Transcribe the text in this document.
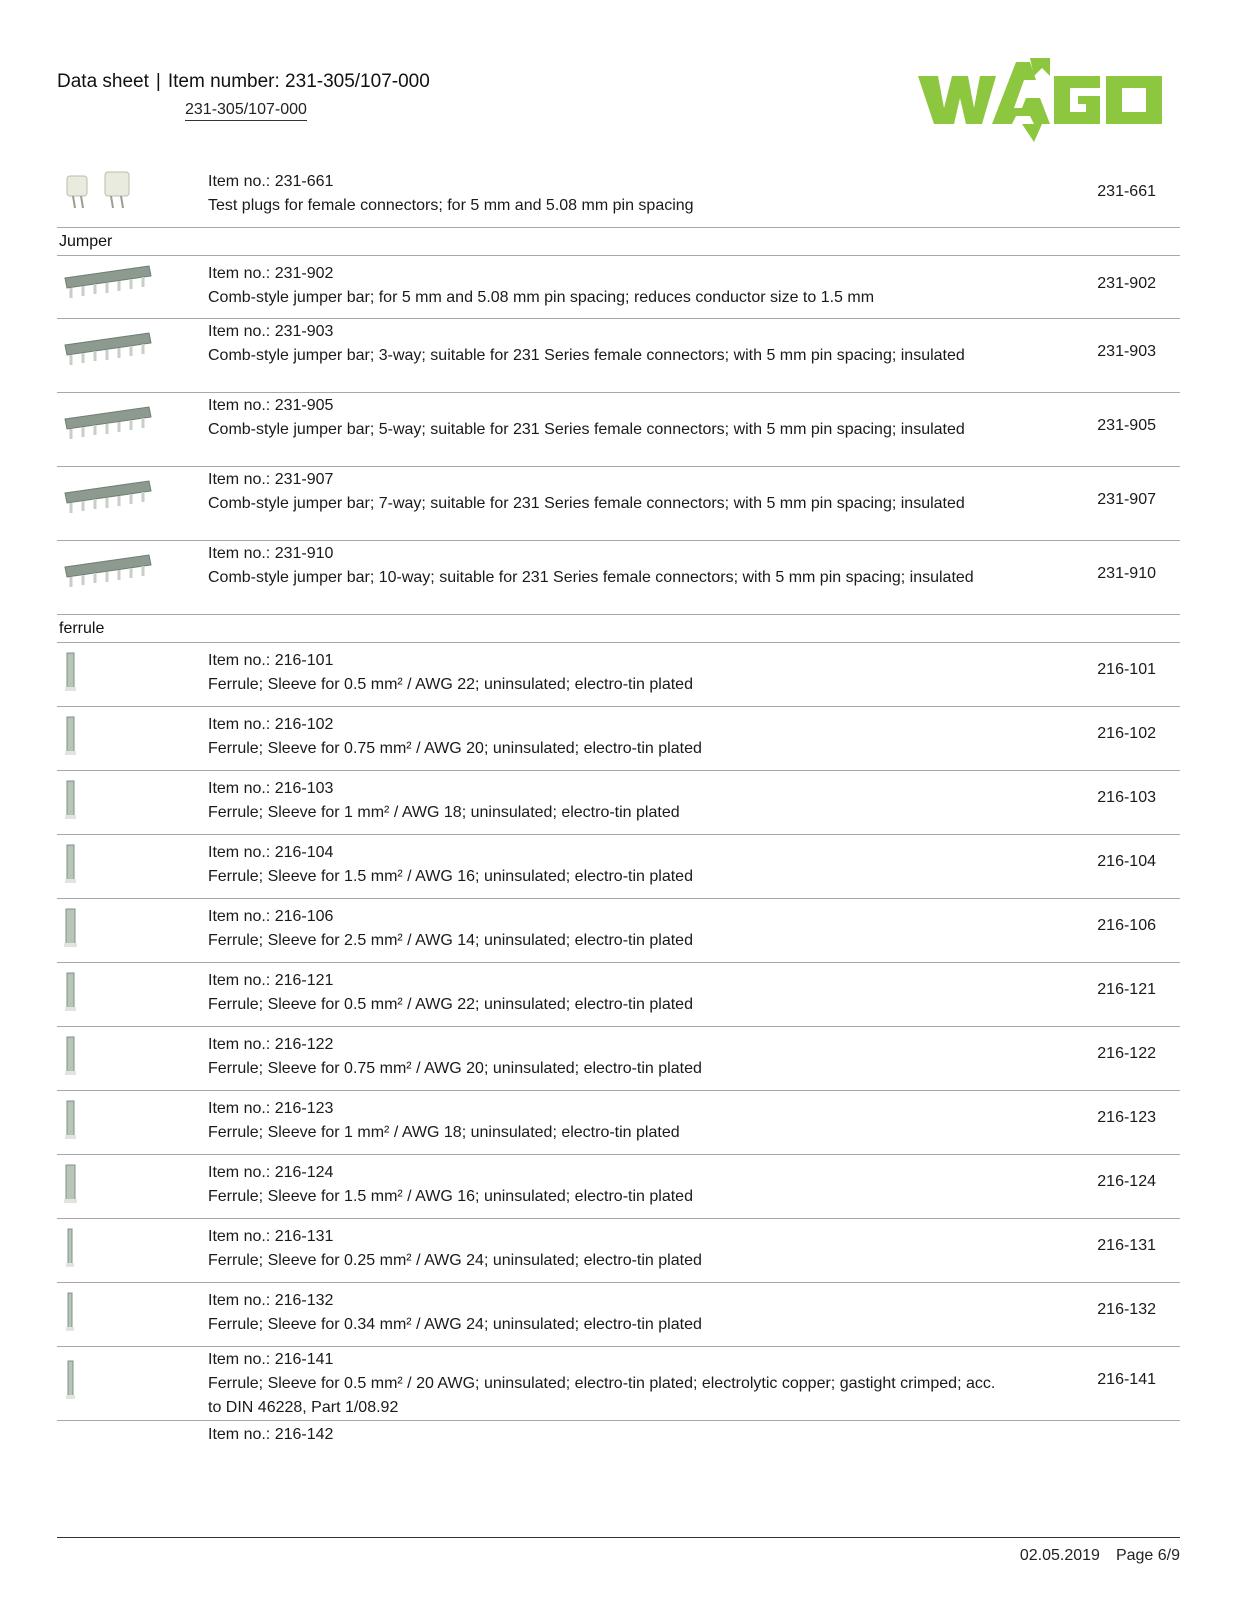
Data sheet | Item number: 231-305/107-000
231-305/107-000
Item no.: 231-661
Test plugs for female connectors; for 5 mm and 5.08 mm pin spacing
231-661
Jumper
Item no.: 231-902
Comb-style jumper bar; for 5 mm and 5.08 mm pin spacing; reduces conductor size to 1.5 mm
231-902
Item no.: 231-903
Comb-style jumper bar; 3-way; suitable for 231 Series female connectors; with 5 mm pin spacing; insulated	231-903
Item no.: 231-905
Comb-style jumper bar; 5-way; suitable for 231 Series female connectors; with 5 mm pin spacing; insulated	231-905
Item no.: 231-907
Comb-style jumper bar; 7-way; suitable for 231 Series female connectors; with 5 mm pin spacing; insulated	231-907
Item no.: 231-910
Comb-style jumper bar; 10-way; suitable for 231 Series female connectors; with 5 mm pin spacing; insulated	231-910
ferrule
Item no.: 216-101
Ferrule; Sleeve for 0.5 mm² / AWG 22; uninsulated; electro-tin plated
216-101
Item no.: 216-102
Ferrule; Sleeve for 0.75 mm² / AWG 20; uninsulated; electro-tin plated
216-102
Item no.: 216-103
Ferrule; Sleeve for 1 mm² / AWG 18; uninsulated; electro-tin plated
216-103
Item no.: 216-104
Ferrule; Sleeve for 1.5 mm² / AWG 16; uninsulated; electro-tin plated
216-104
Item no.: 216-106
Ferrule; Sleeve for 2.5 mm² / AWG 14; uninsulated; electro-tin plated
216-106
Item no.: 216-121
Ferrule; Sleeve for 0.5 mm² / AWG 22; uninsulated; electro-tin plated
216-121
Item no.: 216-122
Ferrule; Sleeve for 0.75 mm² / AWG 20; uninsulated; electro-tin plated
216-122
Item no.: 216-123
Ferrule; Sleeve for 1 mm² / AWG 18; uninsulated; electro-tin plated
216-123
Item no.: 216-124
Ferrule; Sleeve for 1.5 mm² / AWG 16; uninsulated; electro-tin plated
216-124
Item no.: 216-131
Ferrule; Sleeve for 0.25 mm² / AWG 24; uninsulated; electro-tin plated
216-131
Item no.: 216-132
Ferrule; Sleeve for 0.34 mm² / AWG 24; uninsulated; electro-tin plated
216-132
Item no.: 216-141
Ferrule; Sleeve for 0.5 mm² / 20 AWG; uninsulated; electro-tin plated; electrolytic copper; gastight crimped; acc. to DIN 46228, Part 1/08.92
216-141
Item no.: 216-142
02.05.2019 Page 6/9
